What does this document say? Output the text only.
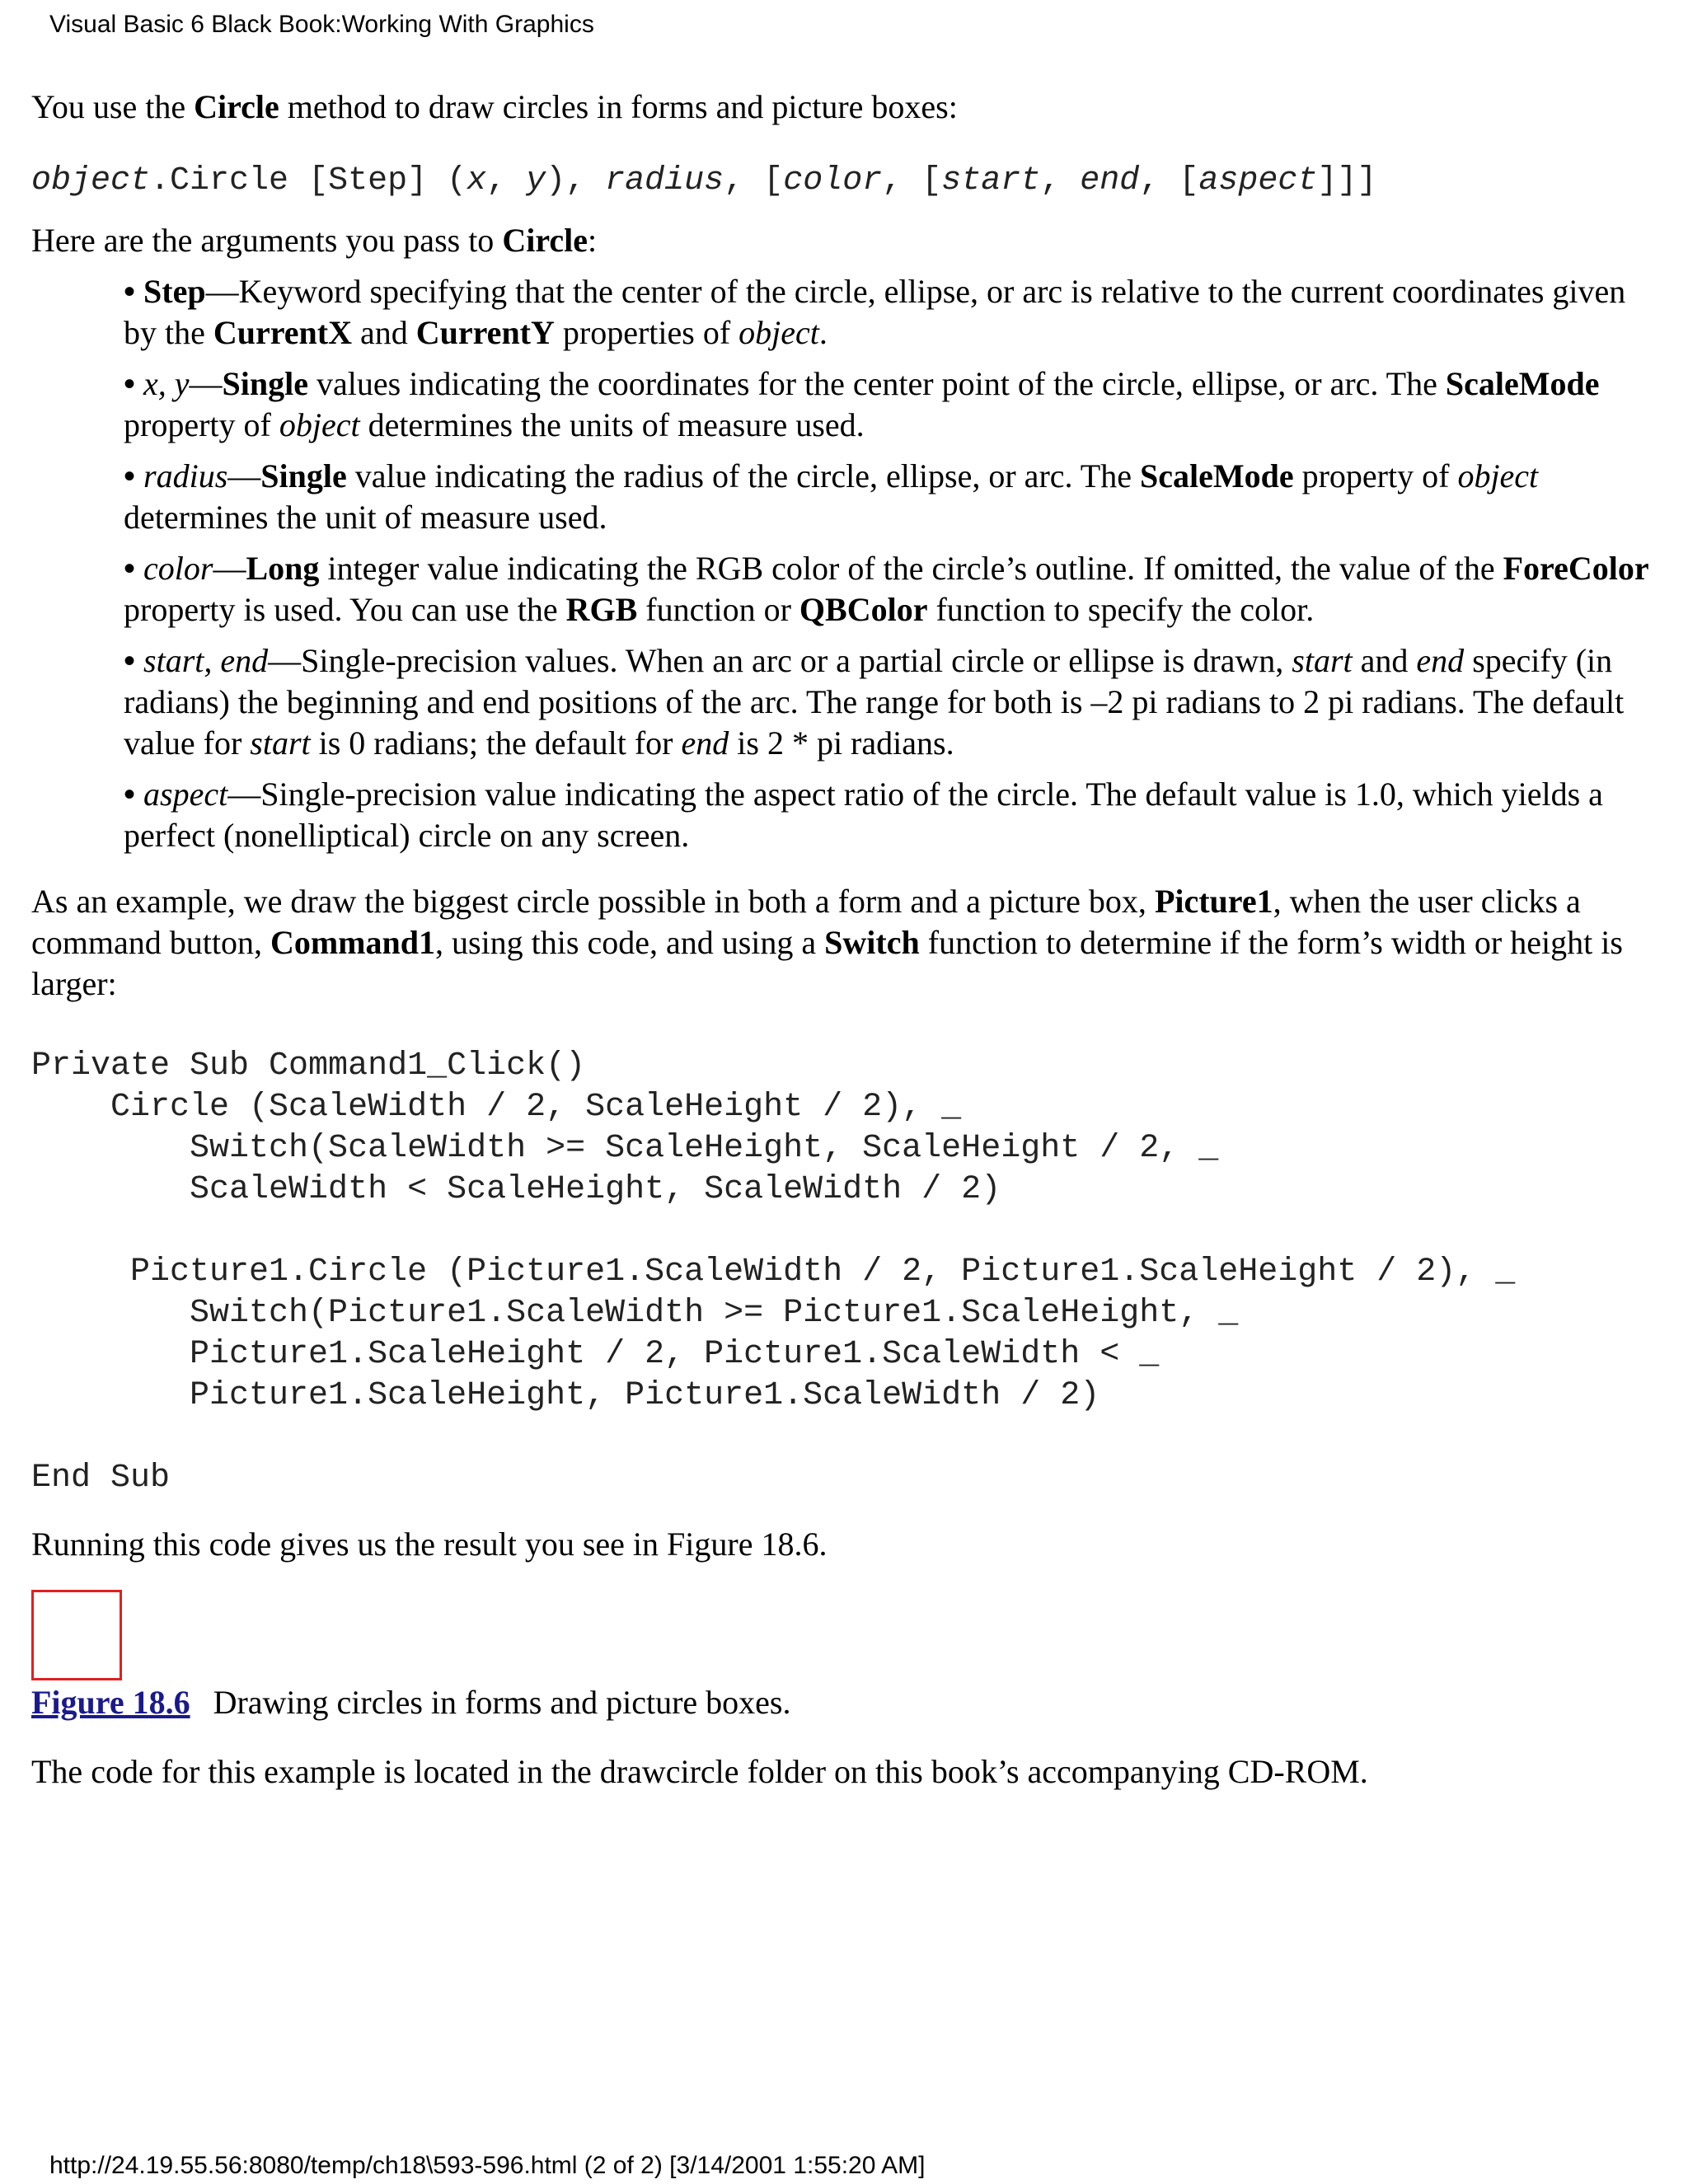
Visual Basic 6 Black Book:Working With Graphics

You use the Circle method to draw circles in forms and picture boxes:

object.Circle [Step] (x, y), radius, [color, [start, end, [aspect]]]

Here are the arguments you pass to Circle:

• Step—Keyword specifying that the center of the circle, ellipse, or arc is relative to the current coordinates given by the CurrentX and CurrentY properties of object.
• x, y—Single values indicating the coordinates for the center point of the circle, ellipse, or arc. The ScaleMode property of object determines the units of measure used.
• radius—Single value indicating the radius of the circle, ellipse, or arc. The ScaleMode property of object determines the unit of measure used.
• color—Long integer value indicating the RGB color of the circle’s outline. If omitted, the value of the ForeColor property is used. You can use the RGB function or QBColor function to specify the color.
• start, end—Single-precision values. When an arc or a partial circle or ellipse is drawn, start and end specify (in radians) the beginning and end positions of the arc. The range for both is –2 pi radians to 2 pi radians. The default value for start is 0 radians; the default for end is 2 * pi radians.
• aspect—Single-precision value indicating the aspect ratio of the circle. The default value is 1.0, which yields a perfect (nonelliptical) circle on any screen.

As an example, we draw the biggest circle possible in both a form and a picture box, Picture1, when the user clicks a command button, Command1, using this code, and using a Switch function to determine if the form’s width or height is larger:

Private Sub Command1_Click()
Circle (ScaleWidth / 2, ScaleHeight / 2), _
Switch(ScaleWidth >= ScaleHeight, ScaleHeight / 2, _
ScaleWidth < ScaleHeight, ScaleWidth / 2)
Picture1.Circle (Picture1.ScaleWidth / 2, Picture1.ScaleHeight / 2), _
Switch(Picture1.ScaleWidth >= Picture1.ScaleHeight, _
Picture1.ScaleHeight / 2, Picture1.ScaleWidth < _
Picture1.ScaleHeight, Picture1.ScaleWidth / 2)
End Sub

Running this code gives us the result you see in Figure 18.6.

Figure 18.6 Drawing circles in forms and picture boxes.

The code for this example is located in the drawcircle folder on this book’s accompanying CD-ROM.

http://24.19.55.56:8080/temp/ch18\593-596.html (2 of 2) [3/14/2001 1:55:20 AM]
